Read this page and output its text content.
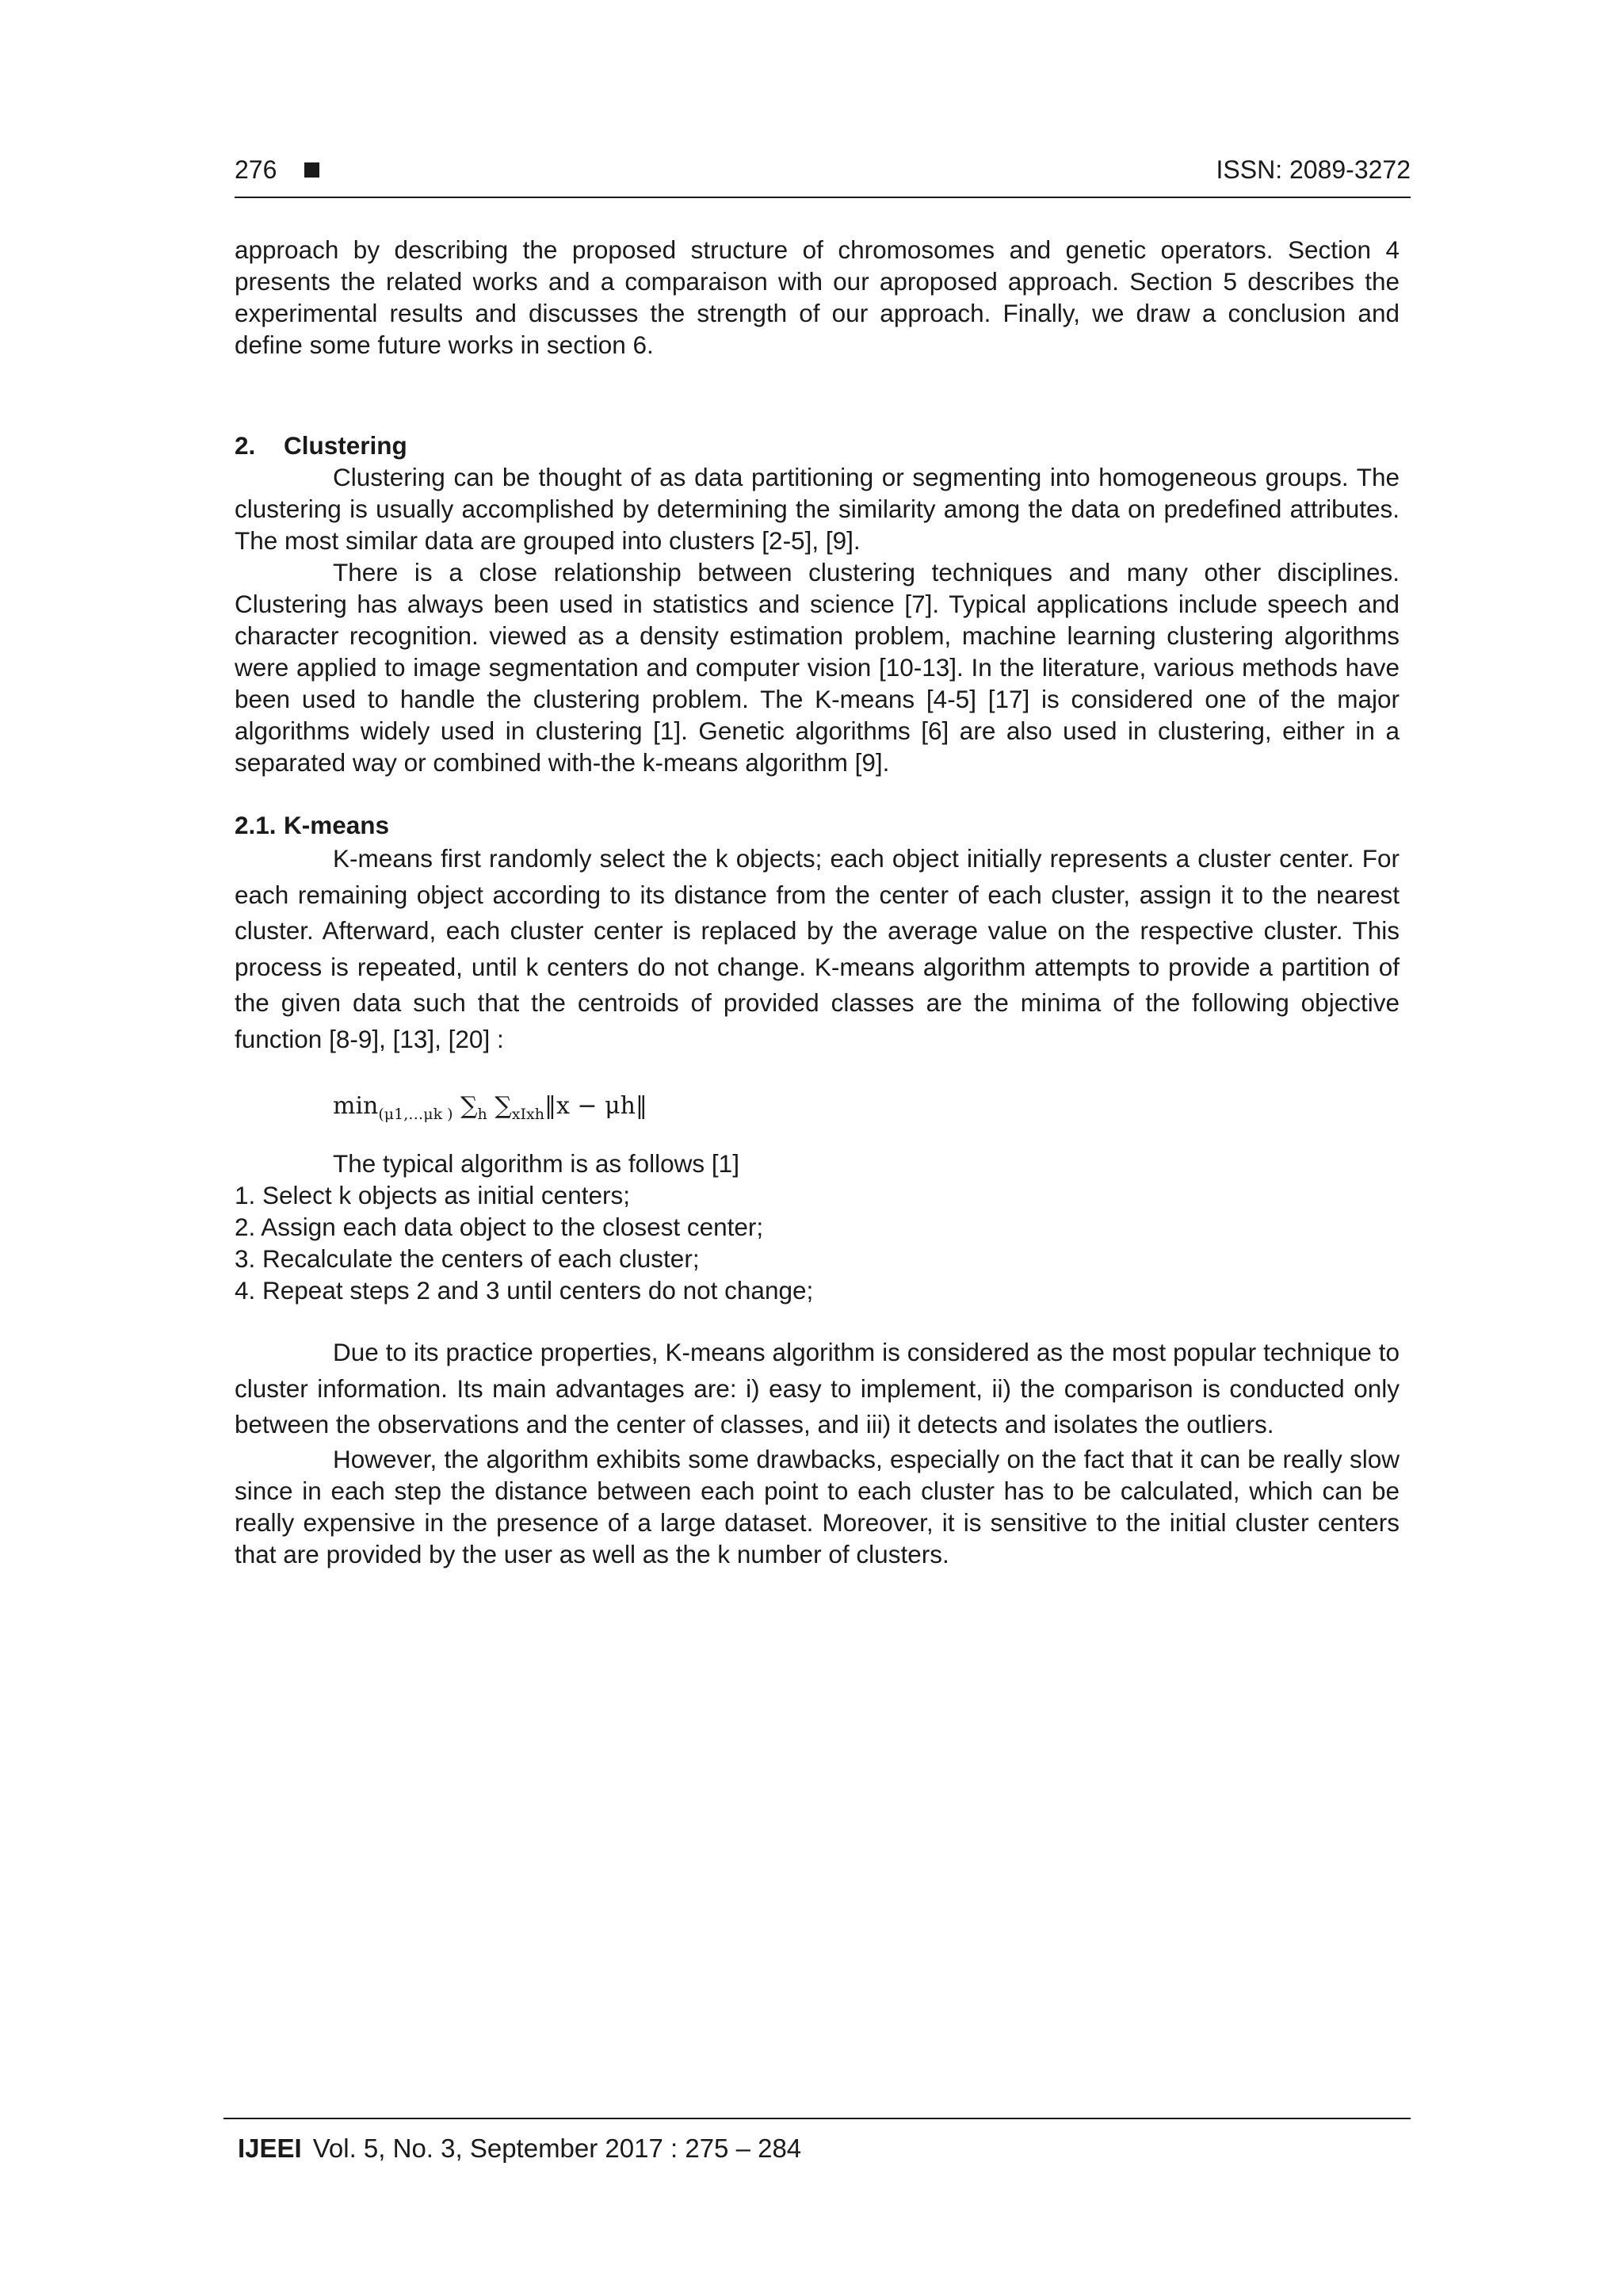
276	ISSN: 2089-3272

approach by describing the proposed structure of chromosomes and genetic operators. Section 4 presents the related works and a comparaison with our aproposed approach. Section 5 describes the experimental results and discusses the strength of our approach. Finally, we draw a conclusion and define some future works in section 6.

2. Clustering

Clustering can be thought of as data partitioning or segmenting into homogeneous groups. The clustering is usually accomplished by determining the similarity among the data on predefined attributes. The most similar data are grouped into clusters [2-5], [9].

There is a close relationship between clustering techniques and many other disciplines. Clustering has always been used in statistics and science [7]. Typical applications include speech and character recognition. viewed as a density estimation problem, machine learning clustering algorithms were applied to image segmentation and computer vision [10-13]. In the literature, various methods have been used to handle the clustering problem. The K-means [4-5] [17] is considered one of the major algorithms widely used in clustering [1]. Genetic algorithms [6] are also used in clustering, either in a separated way or combined with-the k-means algorithm [9].

2.1. K-means

K-means first randomly select the k objects; each object initially represents a cluster center. For each remaining object according to its distance from the center of each cluster, assign it to the nearest cluster. Afterward, each cluster center is replaced by the average value on the respective cluster. This process is repeated, until k centers do not change. K-means algorithm attempts to provide a partition of the given data such that the centroids of provided classes are the minima of the following objective function [8-9], [13], [20] :

$\min_{(\mu 1,\dots\mu k )} \sum_h$ $\sum_{xIxh}‖x$ − μh‖

The typical algorithm is as follows [1]

1. Select k objects as initial centers;
2. Assign each data object to the closest center;
3. Recalculate the centers of each cluster;
4. Repeat steps 2 and 3 until centers do not change;

Due to its practice properties, K-means algorithm is considered as the most popular technique to cluster information. Its main advantages are: i) easy to implement, ii) the comparison is conducted only between the observations and the center of classes, and iii) it detects and isolates the outliers.

However, the algorithm exhibits some drawbacks, especially on the fact that it can be really slow since in each step the distance between each point to each cluster has to be calculated, which can be really expensive in the presence of a large dataset. Moreover, it is sensitive to the initial cluster centers that are provided by the user as well as the k number of clusters.

IJEEI Vol. 5, No. 3, September 2017 : 275 – 284
